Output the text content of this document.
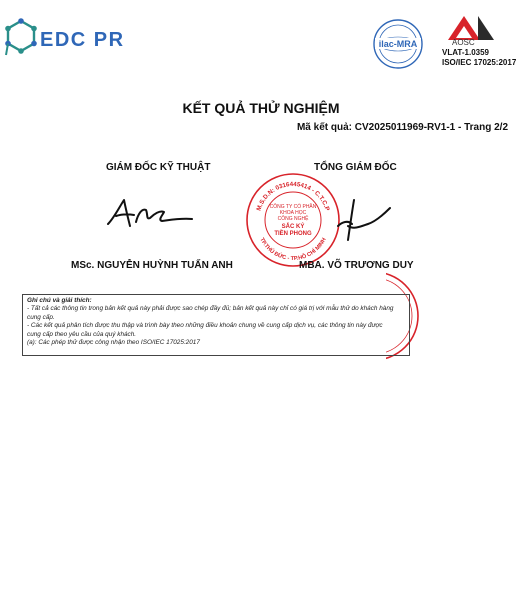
EDC PR	ilac-MRA	AOSC
VLAT-1.0359
ISO/IEC 17025:2017
KẾT QUẢ THỬ NGHIỆM
Mã kết quả: CV2025011969-RV1-1 - Trang 2/2
GIÁM ĐỐC KỸ THUẬT	TỔNG GIÁM ĐỐC
M.S.D.N: 0316445414 - C.T.C.P
TP.THỦ ĐỨC - TP.HỒ CHÍ MINH
CÔNG TY CỔ PHẦN
KHOA HỌC
CÔNG NGHỆ
SẮC KÝ
TIỀN PHONG
MSc. NGUYỄN HUỲNH TUẤN ANH	MBA. VÕ TRƯƠNG DUY
Ghi chú và giải thích:
- Tất cả các thông tin trong bản kết quả này phải được sao chép đầy đủ; bản kết quả này chỉ có giá trị với mẫu thử do khách hàng
cung cấp.
- Các kết quả phân tích được thu thập và trình bày theo những điều khoản chung về cung cấp dịch vụ, các thông tin này được
cung cấp theo yêu cầu của quý khách.
(a): Các phép thử được công nhận theo ISO/IEC 17025:2017
